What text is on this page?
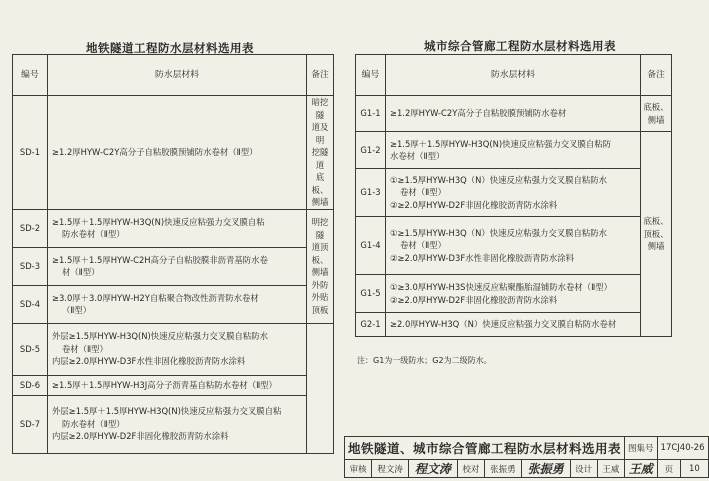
地铁隧道工程防水层材料选用表
编号	防水层材料	备注
SD-1	≥1.2厚HYW-C2Y高分子自粘胶膜预铺防水卷材（Ⅱ型）	暗挖隧
道及明
挖隧道
底板、
侧墙

SD-2	≥1.5厚＋1.5厚HYW-H3Q(N)快速反应粘强力交叉膜自粘
防水卷材（Ⅱ型）	明挖隧
道顶板、
侧墙
外防外贴
顶板

SD-3	≥1.5厚＋1.5厚HYW-C2H高分子自粘胶膜非沥青基防水卷
材（Ⅱ型）	

SD-4	≥3.0厚＋3.0厚HYW-H2Y自粘聚合物改性沥青防水卷材
（Ⅱ型）	

SD-5	外层≥1.5厚HYW-H3Q(N)快速反应粘强力交叉膜自粘防水
卷材（Ⅱ型）
内层≥2.0厚HYW-D3F水性非固化橡胶沥青防水涂料	

SD-6	≥1.5厚＋1.5厚HYW-H3J高分子沥青基自粘防水卷材（Ⅱ型）	

SD-7	外层≥1.5厚＋1.5厚HYW-H3Q(N)快速反应粘强力交叉膜自粘
防水卷材（Ⅱ型）
内层≥2.0厚HYW-D2F非固化橡胶沥青防水涂料	
城市综合管廊工程防水层材料选用表
编号	防水层材料	备注
G1-1	≥1.2厚HYW-C2Y高分子自粘胶膜预铺防水卷材	底板、
侧墙

G1-2	≥1.5厚＋1.5厚HYW-H3Q(N)快速反应粘强力交叉膜自粘防
水卷材（Ⅱ型）	底板、
顶板、
侧墙

G1-3	①≥1.5厚HYW-H3Q（N）快速反应粘强力交叉膜自粘防水
卷材（Ⅱ型）
②≥2.0厚HYW-D2F非固化橡胶沥青防水涂料	

G1-4	①≥1.5厚HYW-H3Q（N）快速反应粘强力交叉膜自粘防水
卷材（Ⅱ型）
②≥2.0厚HYW-D3F水性非固化橡胶沥青防水涂料	

G1-5	①≥3.0厚HYW-H3S快速反应粘聚酯胎湿铺防水卷材（Ⅱ型）
②≥2.0厚HYW-D2F非固化橡胶沥青防水涂料	

G2-1	≥2.0厚HYW-H3Q（N）快速反应粘强力交叉膜自粘防水卷材	
注：G1为一级防水；G2为二级防水。
地铁隧道、城市综合管廊工程防水层材料选用表								图集号	17CJ40-26	
审核	程文涛	程文涛	校对	张振勇	张振勇	设计	王威	王威	页	10
